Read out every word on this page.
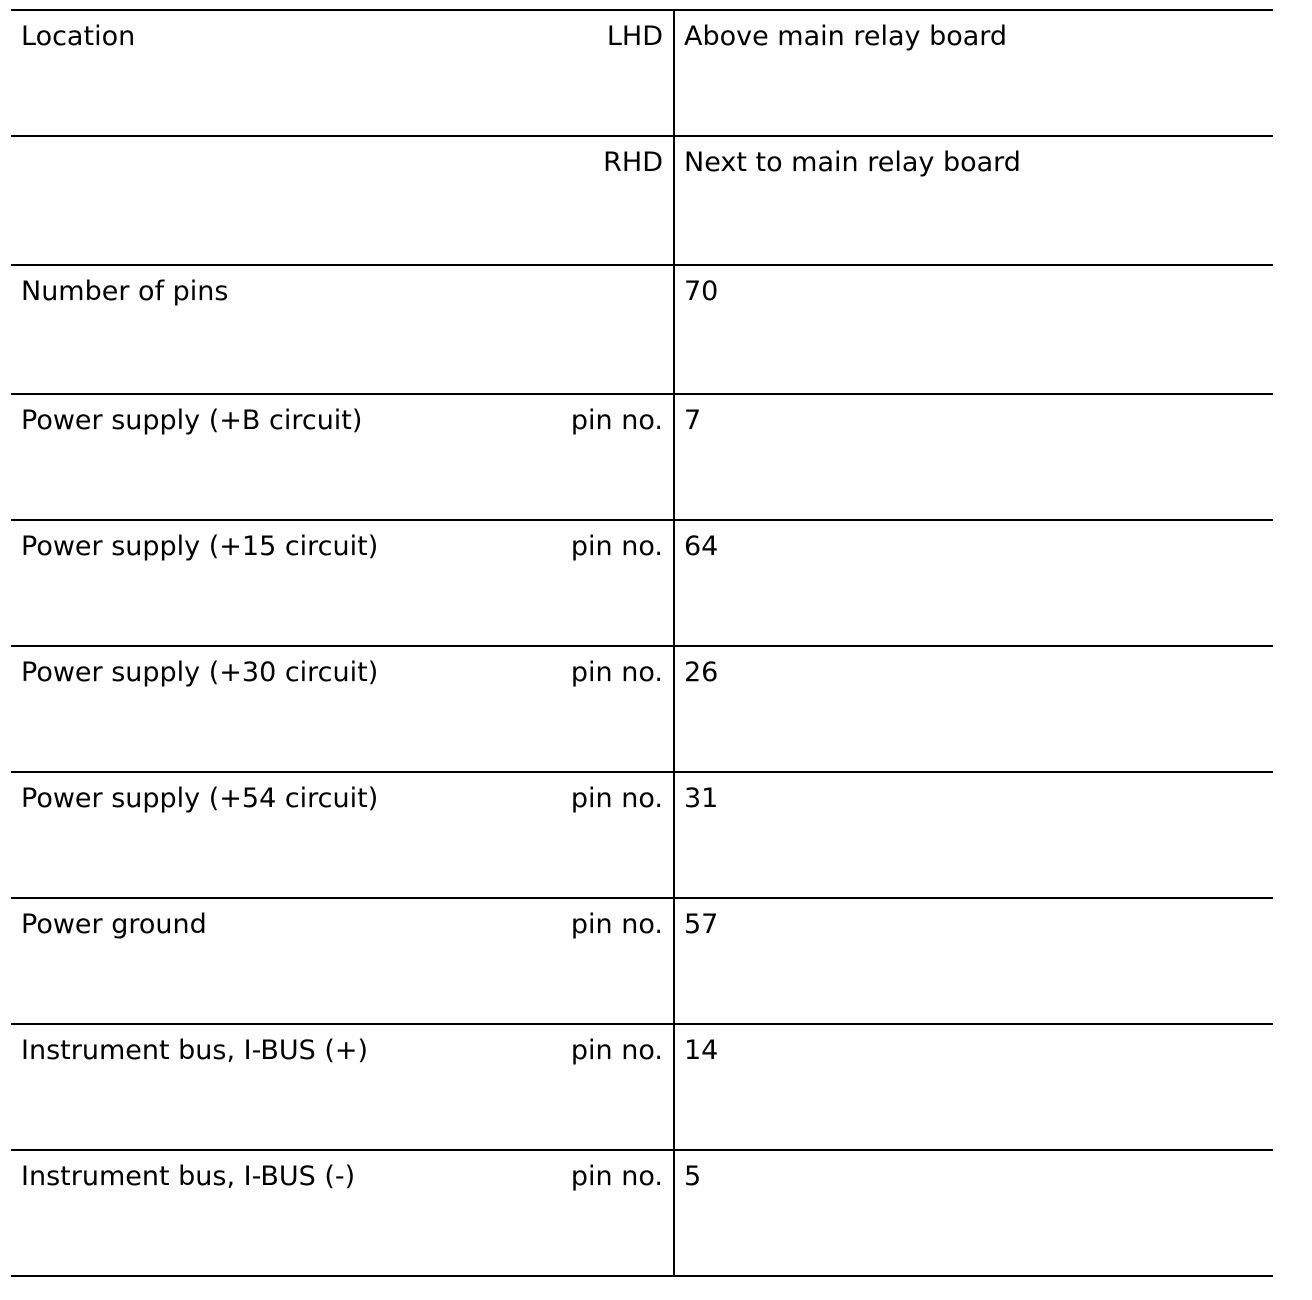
Location LHD	Above main relay board

RHD	Next to main relay board

Number of pins	70

Power supply (+B circuit) pin no.	7

Power supply (+15 circuit) pin no.	64

Power supply (+30 circuit) pin no.	26

Power supply (+54 circuit) pin no.	31

Power ground pin no.	57

Instrument bus, I-BUS (+) pin no.	14

Instrument bus, I-BUS (-) pin no.	5
